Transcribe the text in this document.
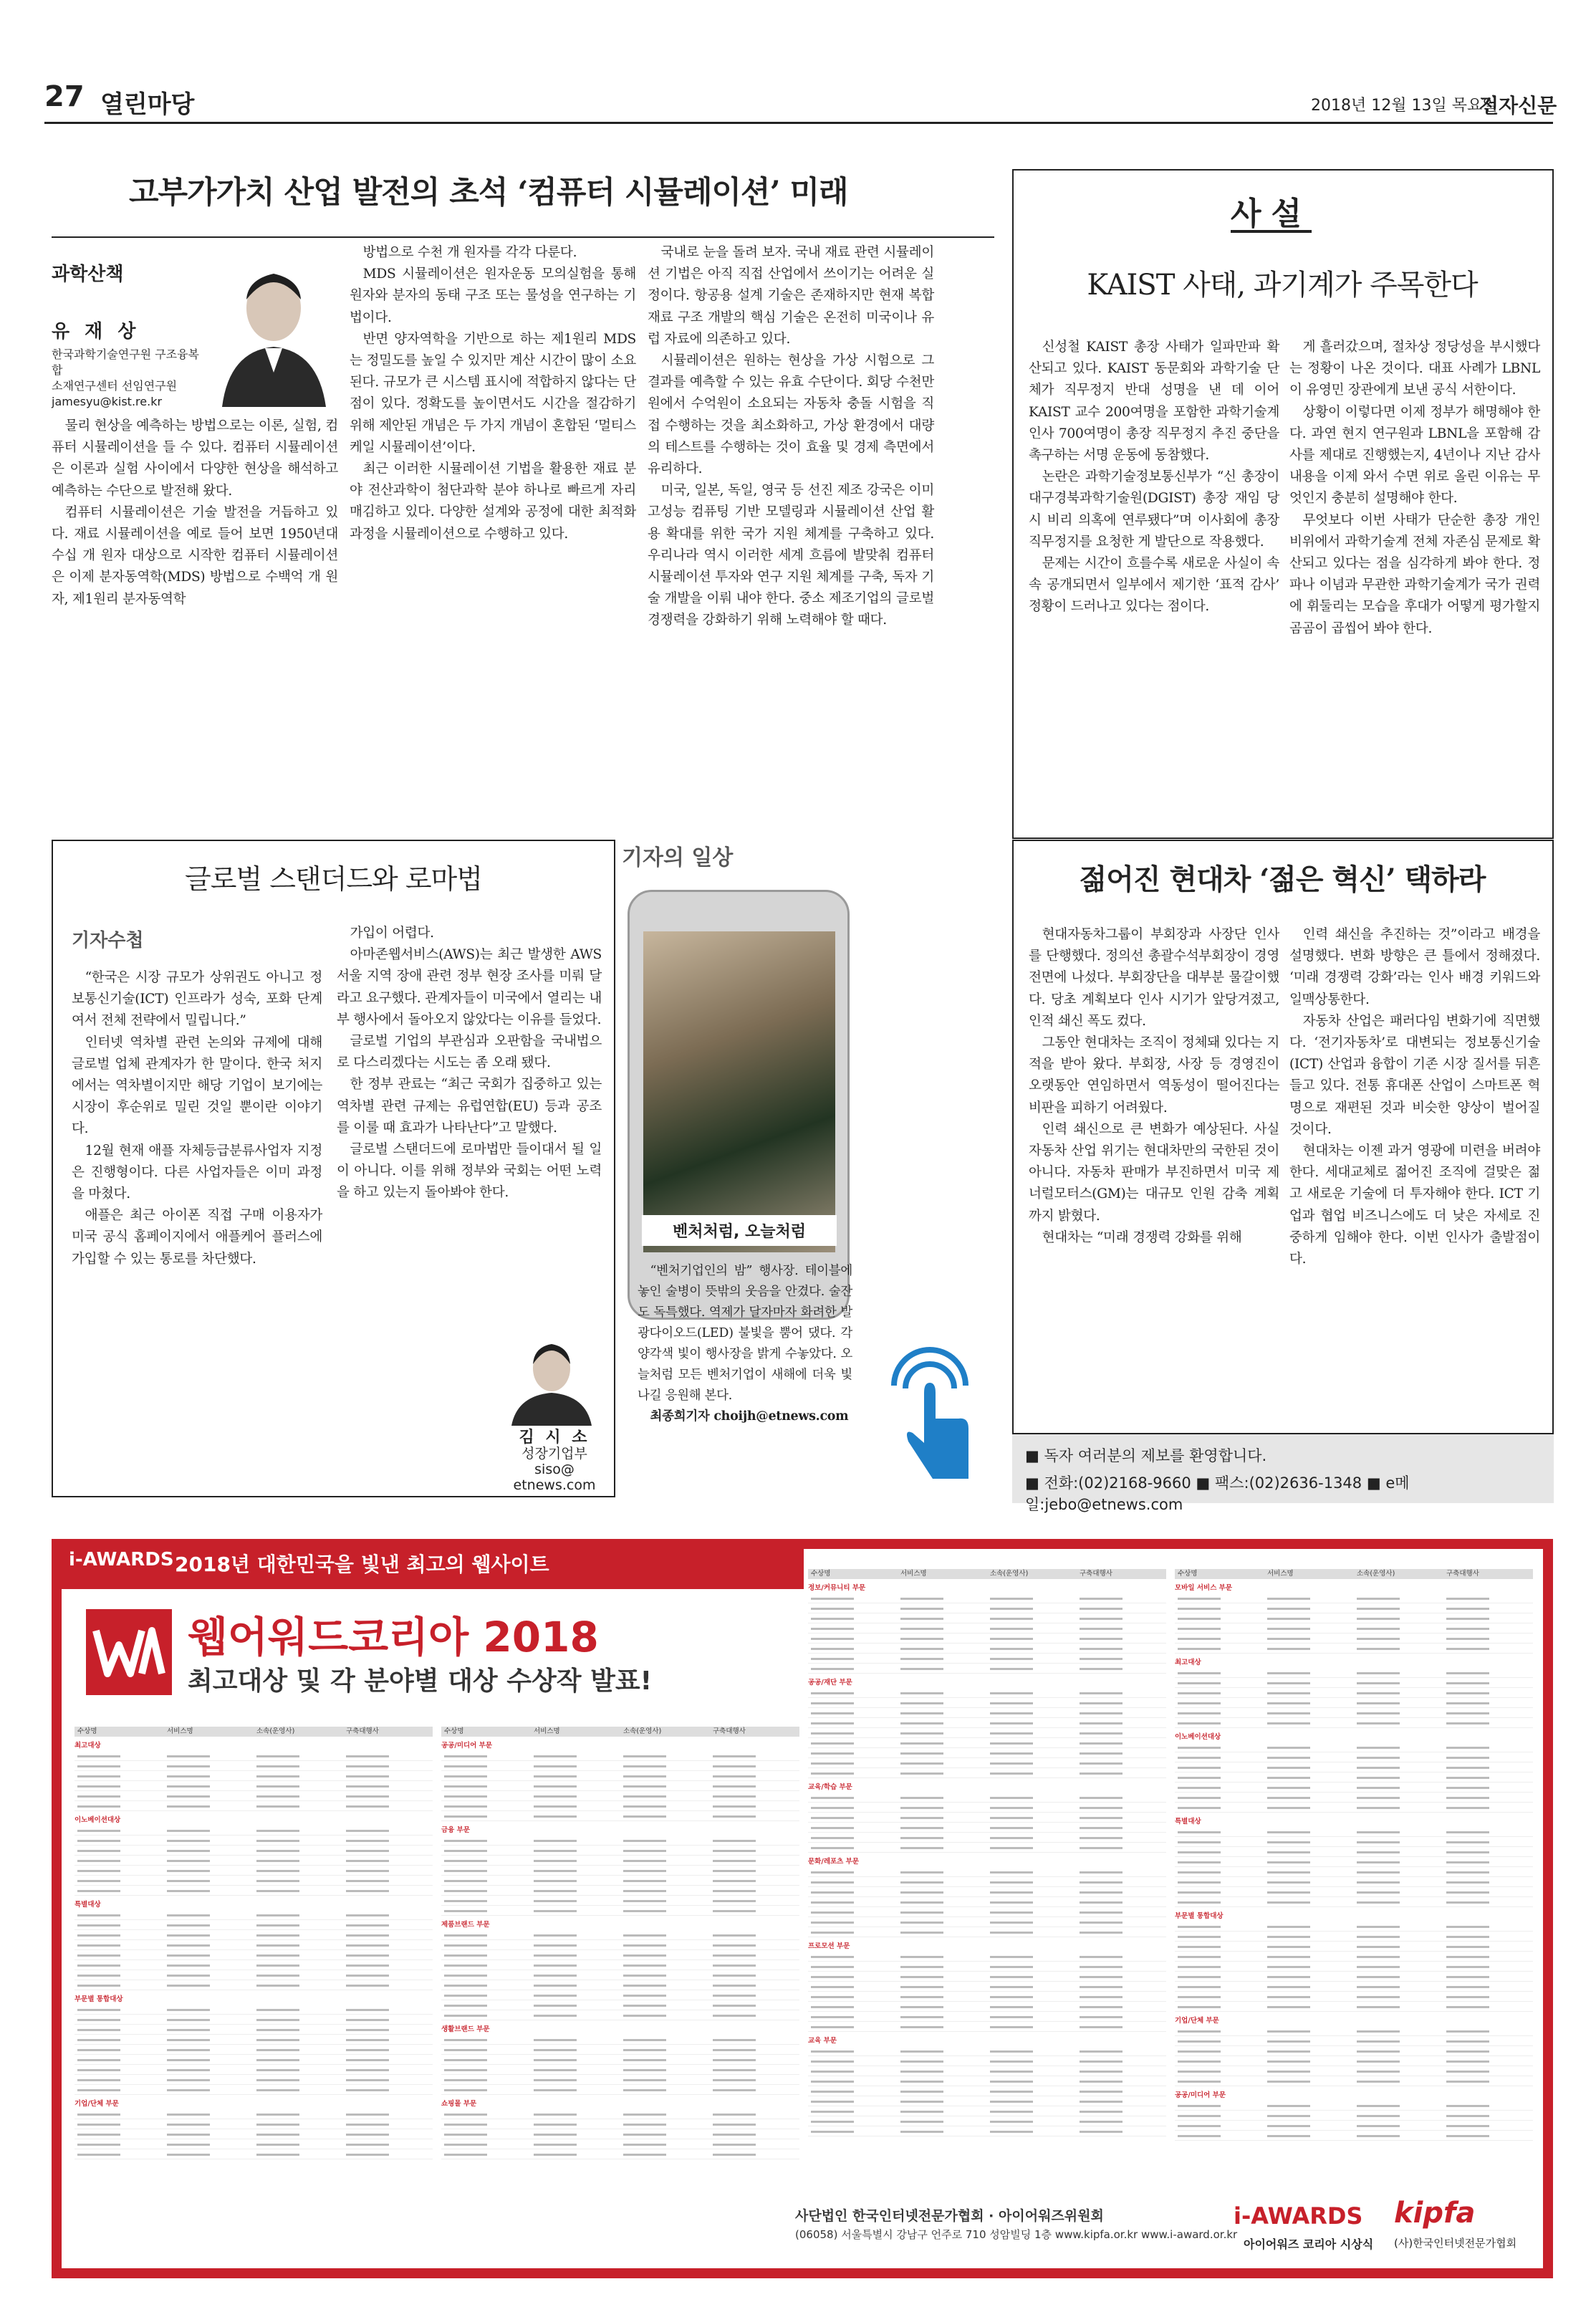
27 열린마당	2018년 12월 13일 목요일
전자신문
고부가가치 산업 발전의 초석 ‘컴퓨터 시뮬레이션’ 미래
과학산책
유 재 상
한국과학기술연구원 구조융복합
소재연구센터 선임연구원
jamesyu@kist.re.kr

물리 현상을 예측하는 방법으로는 이론, 실험, 컴퓨터 시뮬레이션을 들 수 있다. 컴퓨터 시뮬레이션은 이론과 실험 사이에서 다양한 현상을 해석하고 예측하는 수단으로 발전해 왔다.

컴퓨터 시뮬레이션은 기술 발전을 거듭하고 있다. 재료 시뮬레이션을 예로 들어 보면 1950년대 수십 개 원자 대상으로 시작한 컴퓨터 시뮬레이션은 이제 분자동역학(MDS) 방법으로 수백억 개 원자, 제1원리 분자동역학

방법으로 수천 개 원자를 각각 다룬다.

MDS 시뮬레이션은 원자운동 모의실험을 통해 원자와 분자의 동태 구조 또는 물성을 연구하는 기법이다.

반면 양자역학을 기반으로 하는 제1원리 MDS는 정밀도를 높일 수 있지만 계산 시간이 많이 소요된다. 규모가 큰 시스템 표시에 적합하지 않다는 단점이 있다. 정확도를 높이면서도 시간을 절감하기 위해 제안된 개념은 두 가지 개념이 혼합된 ‘멀티스케일 시뮬레이션’이다.

최근 이러한 시뮬레이션 기법을 활용한 재료 분야 전산과학이 첨단과학 분야 하나로 빠르게 자리매김하고 있다. 다양한 설계와 공정에 대한 최적화 과정을 시뮬레이션으로 수행하고 있다.

국내로 눈을 돌려 보자. 국내 재료 관련 시뮬레이션 기법은 아직 직접 산업에서 쓰이기는 어려운 실정이다. 항공용 설계 기술은 존재하지만 현재 복합재료 구조 개발의 핵심 기술은 온전히 미국이나 유럽 자료에 의존하고 있다.

시뮬레이션은 원하는 현상을 가상 시험으로 그 결과를 예측할 수 있는 유효 수단이다. 회당 수천만원에서 수억원이 소요되는 자동차 충돌 시험을 직접 수행하는 것을 최소화하고, 가상 환경에서 대량의 테스트를 수행하는 것이 효율 및 경제 측면에서 유리하다.

미국, 일본, 독일, 영국 등 선진 제조 강국은 이미 고성능 컴퓨팅 기반 모델링과 시뮬레이션 산업 활용 확대를 위한 국가 지원 체계를 구축하고 있다. 우리나라 역시 이러한 세계 흐름에 발맞춰 컴퓨터 시뮬레이션 투자와 연구 지원 체계를 구축, 독자 기술 개발을 이뤄 내야 한다. 중소 제조기업의 글로벌 경쟁력을 강화하기 위해 노력해야 할 때다.

사설
KAIST 사태, 과기계가 주목한다

신성철 KAIST 총장 사태가 일파만파 확산되고 있다. KAIST 동문회와 과학기술 단체가 직무정지 반대 성명을 낸 데 이어 KAIST 교수 200여명을 포함한 과학기술계 인사 700여명이 총장 직무정지 추진 중단을 촉구하는 서명 운동에 동참했다.

논란은 과학기술정보통신부가 “신 총장이 대구경북과학기술원(DGIST) 총장 재임 당시 비리 의혹에 연루됐다”며 이사회에 총장 직무정지를 요청한 게 발단으로 작용했다.

문제는 시간이 흐를수록 새로운 사실이 속속 공개되면서 일부에서 제기한 ‘표적 감사’ 정황이 드러나고 있다는 점이다.

게 흘러갔으며, 절차상 정당성을 부시했다는 정황이 나온 것이다. 대표 사례가 LBNL이 유영민 장관에게 보낸 공식 서한이다.

상황이 이렇다면 이제 정부가 해명해야 한다. 과연 현지 연구원과 LBNL을 포함해 감사를 제대로 진행했는지, 4년이나 지난 감사 내용을 이제 와서 수면 위로 올린 이유는 무엇인지 충분히 설명해야 한다.

무엇보다 이번 사태가 단순한 총장 개인 비위에서 과학기술계 전체 자존심 문제로 확산되고 있다는 점을 심각하게 봐야 한다. 정파나 이념과 무관한 과학기술계가 국가 권력에 휘둘리는 모습을 후대가 어떻게 평가할지 곰곰이 곱씹어 봐야 한다.

젊어진 현대차 ‘젊은 혁신’ 택하라

현대자동차그룹이 부회장과 사장단 인사를 단행했다. 정의선 총괄수석부회장이 경영 전면에 나섰다. 부회장단을 대부분 물갈이했다. 당초 계획보다 인사 시기가 앞당겨졌고, 인적 쇄신 폭도 컸다.

그동안 현대차는 조직이 정체돼 있다는 지적을 받아 왔다. 부회장, 사장 등 경영진이 오랫동안 연임하면서 역동성이 떨어진다는 비판을 피하기 어려웠다.

인력 쇄신으로 큰 변화가 예상된다. 사실 자동차 산업 위기는 현대차만의 국한된 것이 아니다. 자동차 판매가 부진하면서 미국 제너럴모터스(GM)는 대규모 인원 감축 계획까지 밝혔다.

현대차는 “미래 경쟁력 강화를 위해

인력 쇄신을 추진하는 것”이라고 배경을 설명했다. 변화 방향은 큰 틀에서 정해졌다. ‘미래 경쟁력 강화’라는 인사 배경 키워드와 일맥상통한다.

자동차 산업은 패러다임 변화기에 직면했다. ‘전기자동차’로 대변되는 정보통신기술(ICT) 산업과 융합이 기존 시장 질서를 뒤흔들고 있다. 전통 휴대폰 산업이 스마트폰 혁명으로 재편된 것과 비슷한 양상이 벌어질 것이다.

현대차는 이젠 과거 영광에 미련을 버려야 한다. 세대교체로 젊어진 조직에 걸맞은 젊고 새로운 기술에 더 투자해야 한다. ICT 기업과 협업 비즈니스에도 더 낮은 자세로 진중하게 임해야 한다. 이번 인사가 출발점이다.

■ 독자 여러분의 제보를 환영합니다.
■ 전화:(02)2168-9660 ■ 팩스:(02)2636-1348 ■ e메일:jebo@etnews.com
글로벌 스탠더드와 로마법
기자수첩

“한국은 시장 규모가 상위권도 아니고 정보통신기술(ICT) 인프라가 성숙, 포화 단계여서 전체 전략에서 밀립니다.”

인터넷 역차별 관련 논의와 규제에 대해 글로벌 업체 관계자가 한 말이다. 한국 처지에서는 역차별이지만 해당 기업이 보기에는 시장이 후순위로 밀린 것일 뿐이란 이야기다.

12월 현재 애플 자체등급분류사업자 지정은 진행형이다. 다른 사업자들은 이미 과정을 마쳤다.

애플은 최근 아이폰 직접 구매 이용자가 미국 공식 홈페이지에서 애플케어 플러스에 가입할 수 있는 통로를 차단했다.

가입이 어렵다.

아마존웹서비스(AWS)는 최근 발생한 AWS 서울 지역 장애 관련 정부 현장 조사를 미뤄 달라고 요구했다. 관계자들이 미국에서 열리는 내부 행사에서 돌아오지 않았다는 이유를 들었다.

글로벌 기업의 부관심과 오판함을 국내법으로 다스리겠다는 시도는 좀 오래 됐다.

한 정부 관료는 “최근 국회가 집중하고 있는 역차별 관련 규제는 유럽연합(EU) 등과 공조를 이룰 때 효과가 나타난다”고 말했다.

글로벌 스탠더드에 로마법만 들이대서 될 일이 아니다. 이를 위해 정부와 국회는 어떤 노력을 하고 있는지 돌아봐야 한다.

김 시 소
성장기업부
siso@
etnews.com
기자의 일상
벤처처럼, 오늘처럼

“벤처기업인의 밤” 행사장. 테이블에 놓인 술병이 뜻밖의 웃음을 안겼다. 술잔도 독특했다. 역제가 달자마자 화려한 발광다이오드(LED) 불빛을 뿜어 댔다. 각양각색 빛이 행사장을 밝게 수놓았다. 오늘처럼 모든 벤처기업이 새해에 더욱 빛나길 응원해 본다.

최종희기자 choijh@etnews.com

i-AWARDS 2018년 대한민국을 빛낸 최고의 웹사이트
웹어워드코리아 2018
최고대상 및 각 분야별 대상 수상작 발표!
수상명	서비스명	소속(운영사)	구축대행사
최고대상
이노베이션대상
특별대상
부문별 통합대상
기업/단체 부문
수상명	서비스명	소속(운영사)	구축대행사
공공/미디어 부문
금융 부문
제품브랜드 부문
생활브랜드 부문
쇼핑몰 부문
수상명	서비스명	소속(운영사)	구축대행사
정보/커뮤니티 부문
공공/재단 부문
교육/학습 부문
문화/레포츠 부문
프로모션 부문
교육 부문
수상명	서비스명	소속(운영사)	구축대행사
모바일 서비스 부문
최고대상
이노베이션대상
특별대상
부문별 통합대상
기업/단체 부문
공공/미디어 부문
사단법인 한국인터넷전문가협회 · 아이어워즈위원회
(06058) 서울특별시 강남구 언주로 710 성암빌딩 1층 www.kipfa.or.kr www.i-award.or.kr
i-AWARDS kipfa
아이어워즈 코리아 시상식 (사)한국인터넷전문가협회
